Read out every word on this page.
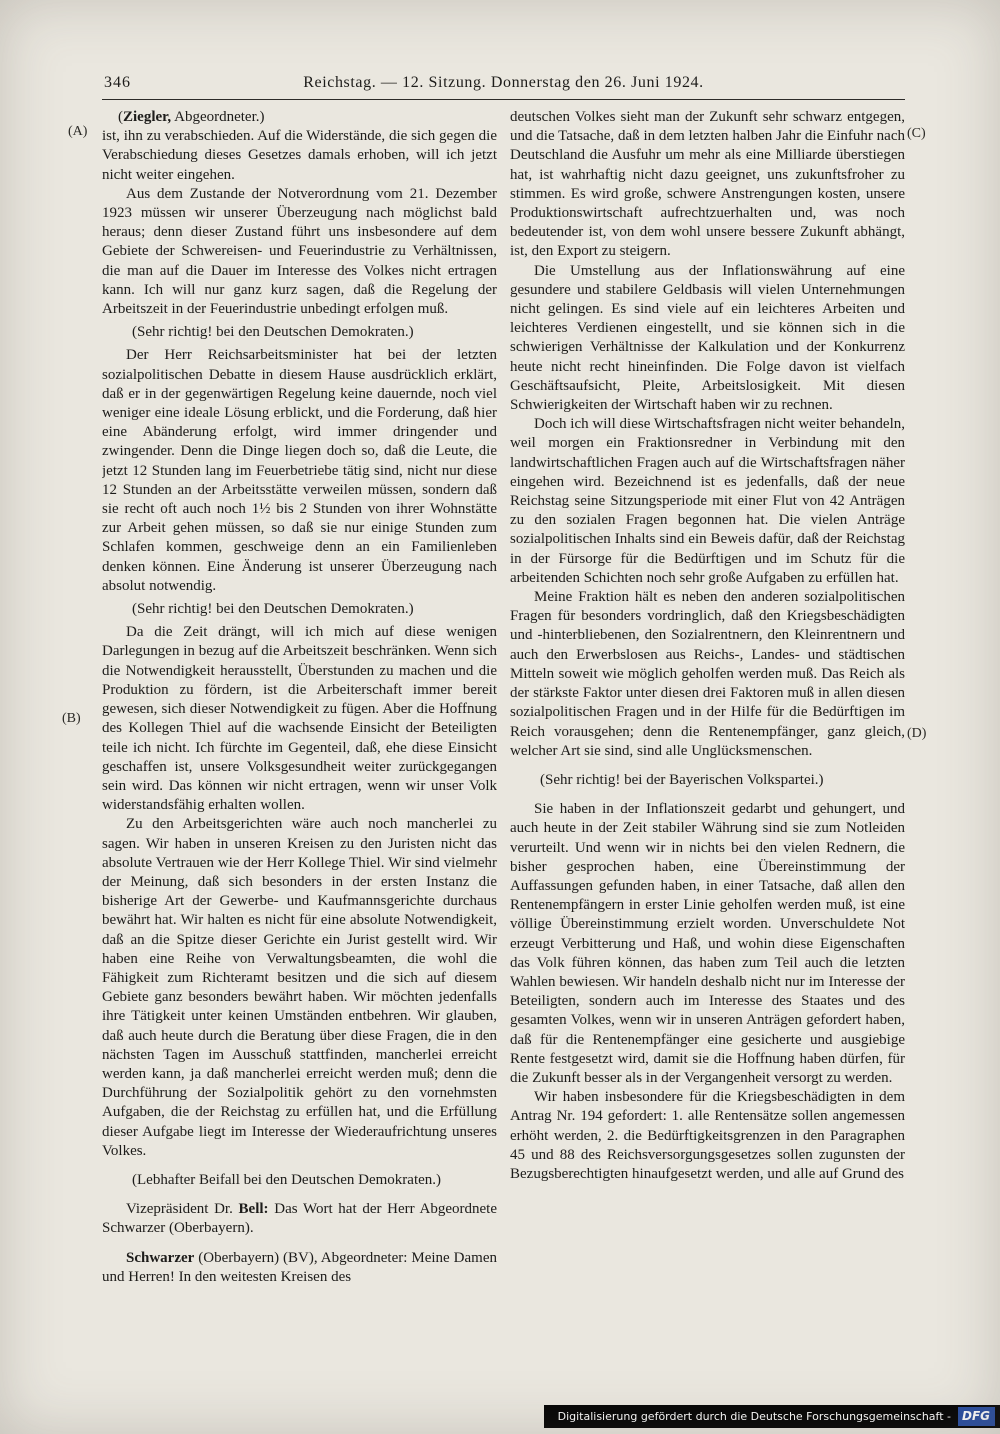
346	Reichstag. — 12. Sitzung. Donnerstag den 26. Juni 1924.
(A)
(B)
(C)
(D)

(Ziegler, Abgeordneter.)

ist, ihn zu verabschieden. Auf die Widerstände, die sich gegen die Verabschiedung dieses Gesetzes damals erhoben, will ich jetzt nicht weiter eingehen.

Aus dem Zustande der Notverordnung vom 21. Dezember 1923 müssen wir unserer Überzeugung nach möglichst bald heraus; denn dieser Zustand führt uns insbesondere auf dem Gebiete der Schwereisen- und Feuerindustrie zu Verhältnissen, die man auf die Dauer im Interesse des Volkes nicht ertragen kann. Ich will nur ganz kurz sagen, daß die Regelung der Arbeitszeit in der Feuerindustrie unbedingt erfolgen muß.

(Sehr richtig! bei den Deutschen Demokraten.)

Der Herr Reichsarbeitsminister hat bei der letzten sozialpolitischen Debatte in diesem Hause ausdrücklich erklärt, daß er in der gegenwärtigen Regelung keine dauernde, noch viel weniger eine ideale Lösung erblickt, und die Forderung, daß hier eine Abänderung erfolgt, wird immer dringender und zwingender. Denn die Dinge liegen doch so, daß die Leute, die jetzt 12 Stunden lang im Feuerbetriebe tätig sind, nicht nur diese 12 Stunden an der Arbeitsstätte verweilen müssen, sondern daß sie recht oft auch noch 1½ bis 2 Stunden von ihrer Wohnstätte zur Arbeit gehen müssen, so daß sie nur einige Stunden zum Schlafen kommen, geschweige denn an ein Familienleben denken können. Eine Änderung ist unserer Überzeugung nach absolut notwendig.

(Sehr richtig! bei den Deutschen Demokraten.)

Da die Zeit drängt, will ich mich auf diese wenigen Darlegungen in bezug auf die Arbeitszeit beschränken. Wenn sich die Notwendigkeit herausstellt, Überstunden zu machen und die Produktion zu fördern, ist die Arbeiterschaft immer bereit gewesen, sich dieser Notwendigkeit zu fügen. Aber die Hoffnung des Kollegen Thiel auf die wachsende Einsicht der Beteiligten teile ich nicht. Ich fürchte im Gegenteil, daß, ehe diese Einsicht geschaffen ist, unsere Volksgesundheit weiter zurückgegangen sein wird. Das können wir nicht ertragen, wenn wir unser Volk widerstandsfähig erhalten wollen.

Zu den Arbeitsgerichten wäre auch noch mancherlei zu sagen. Wir haben in unseren Kreisen zu den Juristen nicht das absolute Vertrauen wie der Herr Kollege Thiel. Wir sind vielmehr der Meinung, daß sich besonders in der ersten Instanz die bisherige Art der Gewerbe- und Kaufmannsgerichte durchaus bewährt hat. Wir halten es nicht für eine absolute Notwendigkeit, daß an die Spitze dieser Gerichte ein Jurist gestellt wird. Wir haben eine Reihe von Verwaltungsbeamten, die wohl die Fähigkeit zum Richteramt besitzen und die sich auf diesem Gebiete ganz besonders bewährt haben. Wir möchten jedenfalls ihre Tätigkeit unter keinen Umständen entbehren. Wir glauben, daß auch heute durch die Beratung über diese Fragen, die in den nächsten Tagen im Ausschuß stattfinden, mancherlei erreicht werden kann, ja daß mancherlei erreicht werden muß; denn die Durchführung der Sozialpolitik gehört zu den vornehmsten Aufgaben, die der Reichstag zu erfüllen hat, und die Erfüllung dieser Aufgabe liegt im Interesse der Wiederaufrichtung unseres Volkes.

(Lebhafter Beifall bei den Deutschen Demokraten.)

Vizepräsident Dr. Bell: Das Wort hat der Herr Abgeordnete Schwarzer (Oberbayern).

Schwarzer (Oberbayern) (BV), Abgeordneter: Meine Damen und Herren! In den weitesten Kreisen des

deutschen Volkes sieht man der Zukunft sehr schwarz entgegen, und die Tatsache, daß in dem letzten halben Jahr die Einfuhr nach Deutschland die Ausfuhr um mehr als eine Milliarde überstiegen hat, ist wahrhaftig nicht dazu geeignet, uns zukunftsfroher zu stimmen. Es wird große, schwere Anstrengungen kosten, unsere Produktionswirtschaft aufrechtzuerhalten und, was noch bedeutender ist, von dem wohl unsere bessere Zukunft abhängt, ist, den Export zu steigern.

Die Umstellung aus der Inflationswährung auf eine gesundere und stabilere Geldbasis will vielen Unternehmungen nicht gelingen. Es sind viele auf ein leichteres Arbeiten und leichteres Verdienen eingestellt, und sie können sich in die schwierigen Verhältnisse der Kalkulation und der Konkurrenz heute nicht recht hineinfinden. Die Folge davon ist vielfach Geschäftsaufsicht, Pleite, Arbeitslosigkeit. Mit diesen Schwierigkeiten der Wirtschaft haben wir zu rechnen.

Doch ich will diese Wirtschaftsfragen nicht weiter behandeln, weil morgen ein Fraktionsredner in Verbindung mit den landwirtschaftlichen Fragen auch auf die Wirtschaftsfragen näher eingehen wird. Bezeichnend ist es jedenfalls, daß der neue Reichstag seine Sitzungsperiode mit einer Flut von 42 Anträgen zu den sozialen Fragen begonnen hat. Die vielen Anträge sozialpolitischen Inhalts sind ein Beweis dafür, daß der Reichstag in der Fürsorge für die Bedürftigen und im Schutz für die arbeitenden Schichten noch sehr große Aufgaben zu erfüllen hat.

Meine Fraktion hält es neben den anderen sozialpolitischen Fragen für besonders vordringlich, daß den Kriegsbeschädigten und -hinterbliebenen, den Sozialrentnern, den Kleinrentnern und auch den Erwerbslosen aus Reichs-, Landes- und städtischen Mitteln soweit wie möglich geholfen werden muß. Das Reich als der stärkste Faktor unter diesen drei Faktoren muß in allen diesen sozialpolitischen Fragen und in der Hilfe für die Bedürftigen im Reich vorausgehen; denn die Rentenempfänger, ganz gleich, welcher Art sie sind, sind alle Unglücksmenschen.

(Sehr richtig! bei der Bayerischen Volkspartei.)

Sie haben in der Inflationszeit gedarbt und gehungert, und auch heute in der Zeit stabiler Währung sind sie zum Notleiden verurteilt. Und wenn wir in nichts bei den vielen Rednern, die bisher gesprochen haben, eine Übereinstimmung der Auffassungen gefunden haben, in einer Tatsache, daß allen den Rentenempfängern in erster Linie geholfen werden muß, ist eine völlige Übereinstimmung erzielt worden. Unverschuldete Not erzeugt Verbitterung und Haß, und wohin diese Eigenschaften das Volk führen können, das haben zum Teil auch die letzten Wahlen bewiesen. Wir handeln deshalb nicht nur im Interesse der Beteiligten, sondern auch im Interesse des Staates und des gesamten Volkes, wenn wir in unseren Anträgen gefordert haben, daß für die Rentenempfänger eine gesicherte und ausgiebige Rente festgesetzt wird, damit sie die Hoffnung haben dürfen, für die Zukunft besser als in der Vergangenheit versorgt zu werden.

Wir haben insbesondere für die Kriegsbeschädigten in dem Antrag Nr. 194 gefordert: 1. alle Rentensätze sollen angemessen erhöht werden, 2. die Bedürftigkeitsgrenzen in den Paragraphen 45 und 88 des Reichsversorgungsgesetzes sollen zugunsten der Bezugsberechtigten hinaufgesetzt werden, und alle auf Grund des

Digitalisierung gefördert durch die Deutsche Forschungsgemeinschaft - DFG
